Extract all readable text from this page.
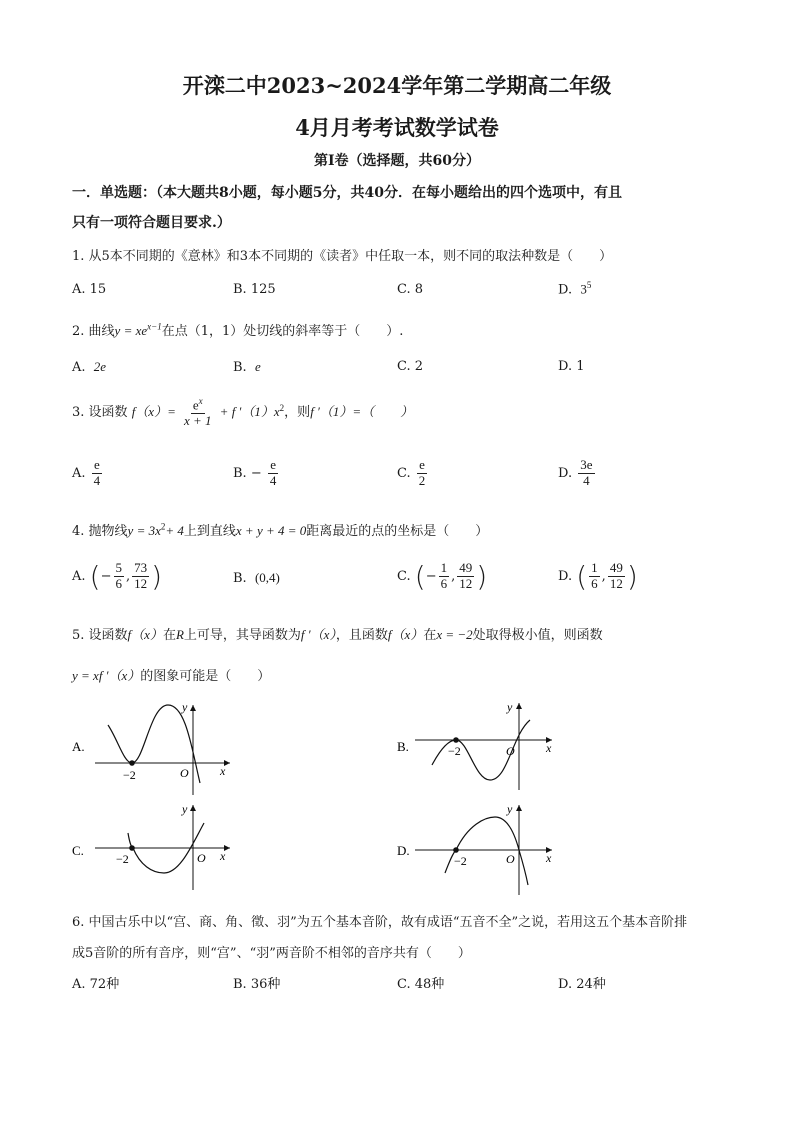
开滦二中2023~2024学年第二学期高二年级
4月月考考试数学试卷
第I卷（选择题，共60分）
一．单选题：（本大题共8小题，每小题5分，共40分．在每小题给出的四个选项中，有且
只有一项符合题目要求.）
1. 从5本不同期的《意林》和3本不同期的《读者》中任取一本，则不同的取法种数是（　　）
A. 15	B. 125	C. 8	D. $3^5$
2. 曲线$y = xe^{x-1}$在点（1，1）处切线的斜率等于（　　）.
A. 2e	B. e	C. 2	D. 1
3. 设函数 $f(x)= \frac{e^x}{x + 1} + f$ $'(1)x^2$，则f ′（1）=（　　）
A. $\frac{e}{4}$	B. − $\frac{e}{4}$	C. $\frac{e}{2}$	D. $\frac{3e}{4}$
4. 抛物线$y = 3x^2+ 4$上到直线x + y + 4 = 0距离最近的点的坐标是（　　）
A. (− $\frac{5}{6}$ , $\frac{73}{12}$ )	B. (0,4)	C. (− $\frac{1}{6}$ , $\frac{49}{12}$ )	D. ( $\frac{1}{6}$ , $\frac{49}{12}$ )
5. 设函数f（x）在R上可导，其导函数为f ′（x），且函数f（x）在x = −2处取得极小值，则函数
y = xf ′（x）的图象可能是（　　）
A.
−2	O	x
y
B.	−2	O	x
y
C.
−2	O x
y
D.
−2	O	x
y
6. 中国古乐中以“宫、商、角、徵、羽”为五个基本音阶，故有成语“五音不全”之说，若用这五个基本音阶排
成5音阶的所有音序，则“宫”、“羽”两音阶不相邻的音序共有（　　）
A. 72种	B. 36种	C. 48种	D. 24种
